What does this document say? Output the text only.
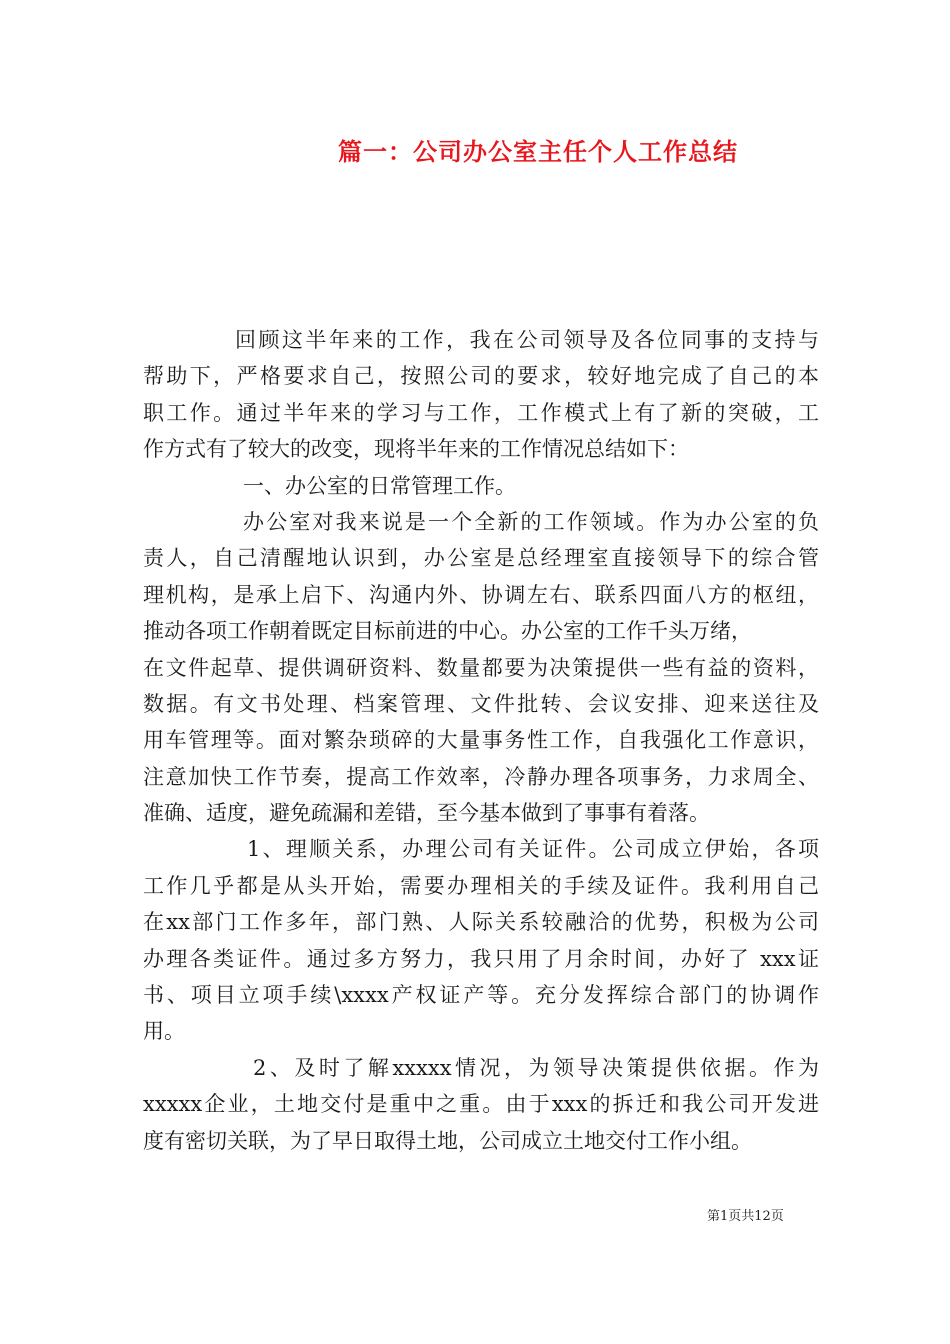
篇一：公司办公室主任个人工作总结
回顾这半年来的工作，我在公司领导及各位同事的支持与
帮助下，严格要求自己，按照公司的要求，较好地完成了自己的本
职工作。通过半年来的学习与工作，工作模式上有了新的突破，工
作方式有了较大的改变，现将半年来的工作情况总结如下：
一、办公室的日常管理工作。
办公室对我来说是一个全新的工作领域。作为办公室的负
责人，自己清醒地认识到，办公室是总经理室直接领导下的综合管
理机构，是承上启下、沟通内外、协调左右、联系四面八方的枢纽，
推动各项工作朝着既定目标前进的中心。办公室的工作千头万绪，
在文件起草、提供调研资料、数量都要为决策提供一些有益的资料，
数据。有文书处理、档案管理、文件批转、会议安排、迎来送往及
用车管理等。面对繁杂琐碎的大量事务性工作，自我强化工作意识，
注意加快工作节奏，提高工作效率，冷静办理各项事务，力求周全、
准确、适度，避免疏漏和差错，至今基本做到了事事有着落。
1、理顺关系，办理公司有关证件。公司成立伊始，各项
工作几乎都是从头开始，需要办理相关的手续及证件。我利用自己
在xx部门工作多年，部门熟、人际关系较融洽的优势，积极为公司
办理各类证件。通过多方努力，我只用了月余时间，办好了 xxx证
书、项目立项手续\xxxx产权证产等。充分发挥综合部门的协调作
用。
2、及时了解xxxxx情况，为领导决策提供依据。作为
xxxxx企业，土地交付是重中之重。由于xxx的拆迁和我公司开发进
度有密切关联，为了早日取得土地，公司成立土地交付工作小组。
第1页共12页
